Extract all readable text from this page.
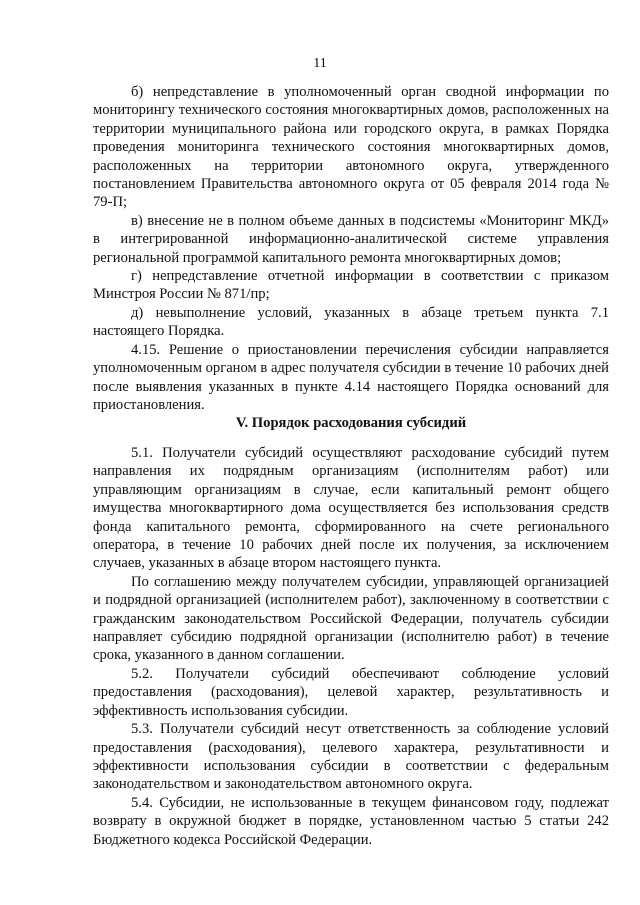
11

б) непредставление в уполномоченный орган сводной информации по мониторингу технического состояния многоквартирных домов, расположенных на территории муниципального района или городского округа, в рамках Порядка проведения мониторинга технического состояния многоквартирных домов, расположенных на территории автономного округа, утвержденного постановлением Правительства автономного округа от 05 февраля 2014 года № 79-П;

в) внесение не в полном объеме данных в подсистемы «Мониторинг МКД» в интегрированной информационно-аналитической системе управления региональной программой капитального ремонта многоквартирных домов;

г) непредставление отчетной информации в соответствии с приказом Минстроя России № 871/пр;

д) невыполнение условий, указанных в абзаце третьем пункта 7.1 настоящего Порядка.

4.15. Решение о приостановлении перечисления субсидии направляется уполномоченным органом в адрес получателя субсидии в течение 10 рабочих дней после выявления указанных в пункте 4.14 настоящего Порядка оснований для приостановления.

V. Порядок расходования субсидий

5.1. Получатели субсидий осуществляют расходование субсидий путем направления их подрядным организациям (исполнителям работ) или управляющим организациям в случае, если капитальный ремонт общего имущества многоквартирного дома осуществляется без использования средств фонда капитального ремонта, сформированного на счете регионального оператора, в течение 10 рабочих дней после их получения, за исключением случаев, указанных в абзаце втором настоящего пункта.

По соглашению между получателем субсидии, управляющей организацией и подрядной организацией (исполнителем работ), заключенному в соответствии с гражданским законодательством Российской Федерации, получатель субсидии направляет субсидию подрядной организации (исполнителю работ) в течение срока, указанного в данном соглашении.

5.2. Получатели субсидий обеспечивают соблюдение условий предоставления (расходования), целевой характер, результативность и эффективность использования субсидии.

5.3. Получатели субсидий несут ответственность за соблюдение условий предоставления (расходования), целевого характера, результативности и эффективности использования субсидии в соответствии с федеральным законодательством и законодательством автономного округа.

5.4. Субсидии, не использованные в текущем финансовом году, подлежат возврату в окружной бюджет в порядке, установленном частью 5 статьи 242 Бюджетного кодекса Российской Федерации.
